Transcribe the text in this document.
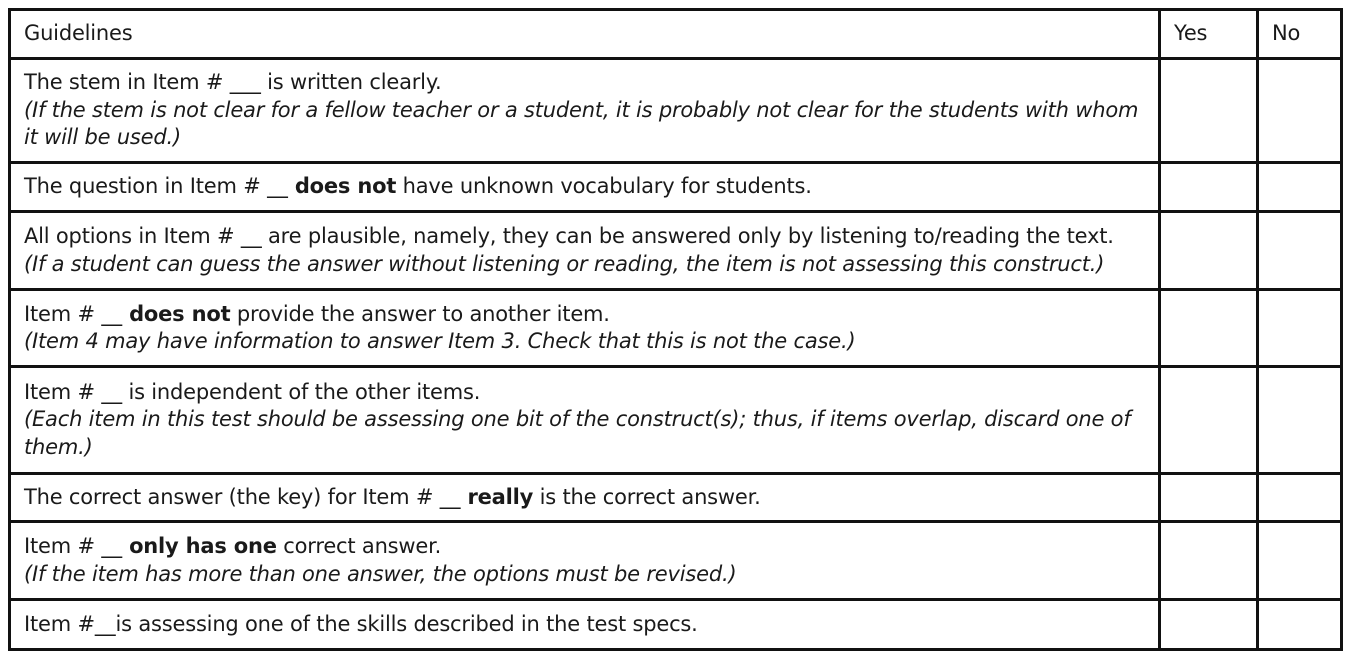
Guidelines	Yes	No

The stem in Item # ___ is written clearly.
(If the stem is not clear for a fellow teacher or a student, it is probably not clear for the students with whom it will be used.)		

The question in Item # __ does not have unknown vocabulary for students.		

All options in Item # __ are plausible, namely, they can be answered only by listening to/reading the text.
(If a student can guess the answer without listening or reading, the item is not assessing this construct.)		

Item # __ does not provide the answer to another item.
(Item 4 may have information to answer Item 3. Check that this is not the case.)		

Item # __ is independent of the other items.
(Each item in this test should be assessing one bit of the construct(s); thus, if items overlap, discard one of them.)		

The correct answer (the key) for Item # __ really is the correct answer.		

Item # __ only has one correct answer.
(If the item has more than one answer, the options must be revised.)		

Item #__is assessing one of the skills described in the test specs.		
